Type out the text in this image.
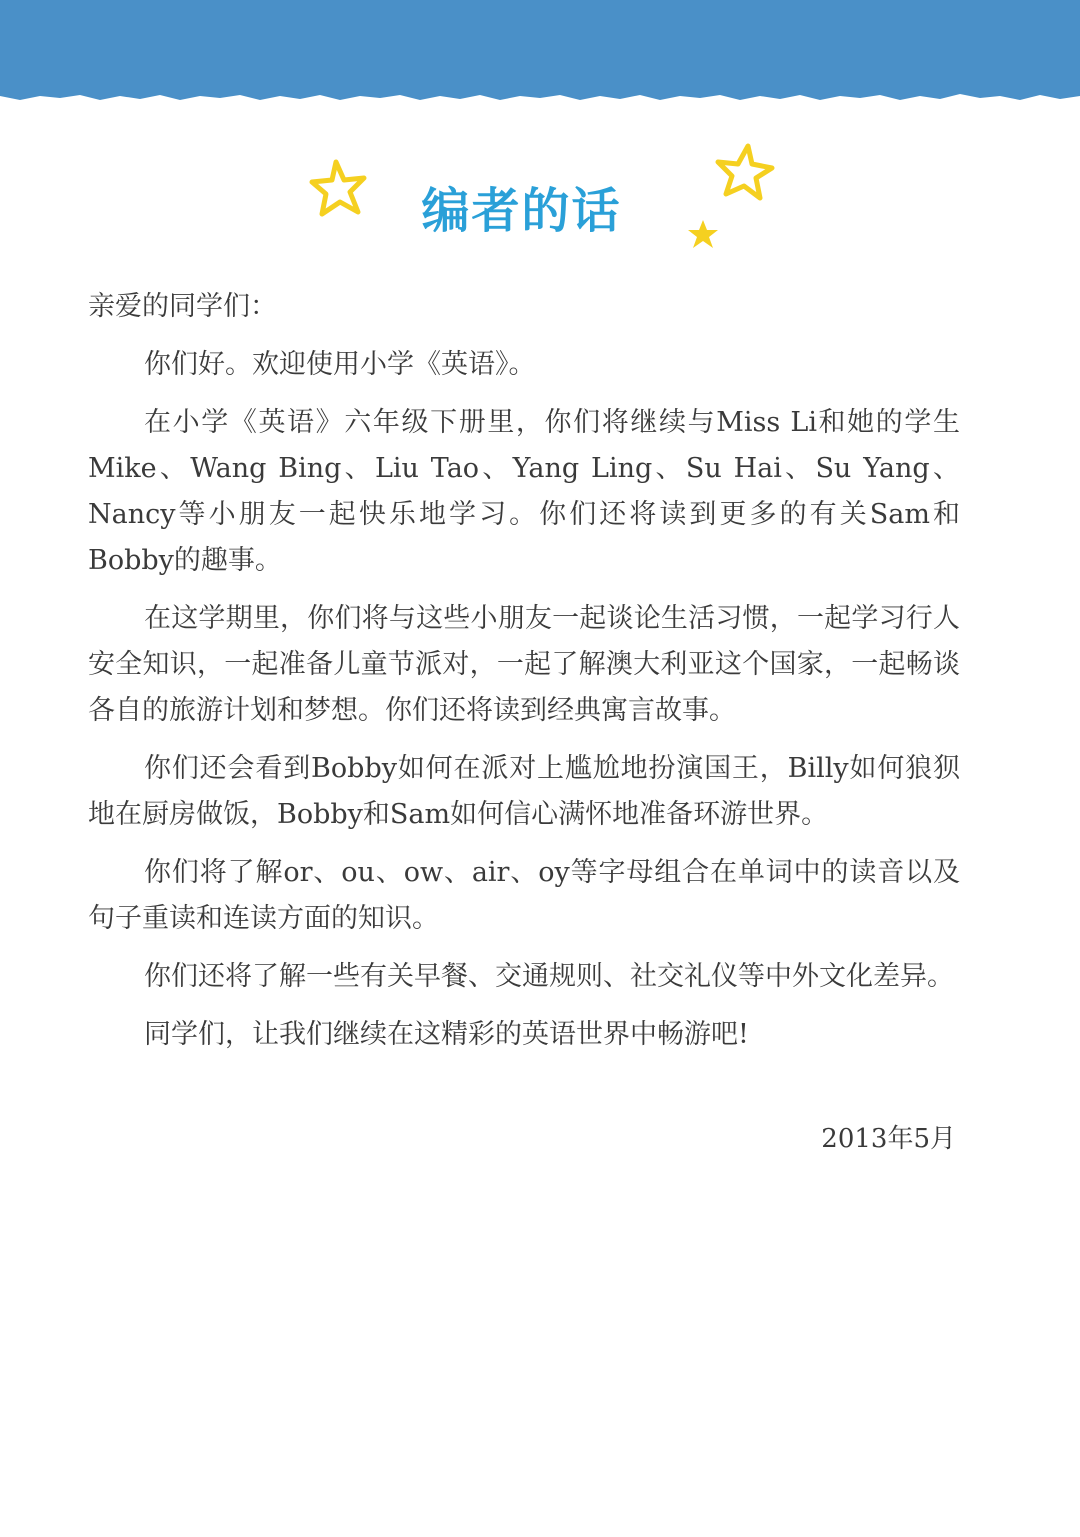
编者的话

亲爱的同学们：

你们好。欢迎使用小学《英语》。

在小学《英语》六年级下册里，你们将继续与Miss Li和她的学生Mike、Wang Bing、Liu Tao、Yang Ling、Su Hai、Su Yang、Nancy等小朋友一起快乐地学习。你们还将读到更多的有关Sam和Bobby的趣事。

在这学期里，你们将与这些小朋友一起谈论生活习惯，一起学习行人安全知识，一起准备儿童节派对，一起了解澳大利亚这个国家，一起畅谈各自的旅游计划和梦想。你们还将读到经典寓言故事。

你们还会看到Bobby如何在派对上尴尬地扮演国王，Billy如何狼狈地在厨房做饭，Bobby和Sam如何信心满怀地准备环游世界。

你们将了解or、ou、ow、air、oy等字母组合在单词中的读音以及句子重读和连读方面的知识。

你们还将了解一些有关早餐、交通规则、社交礼仪等中外文化差异。

同学们，让我们继续在这精彩的英语世界中畅游吧!

2013年5月
